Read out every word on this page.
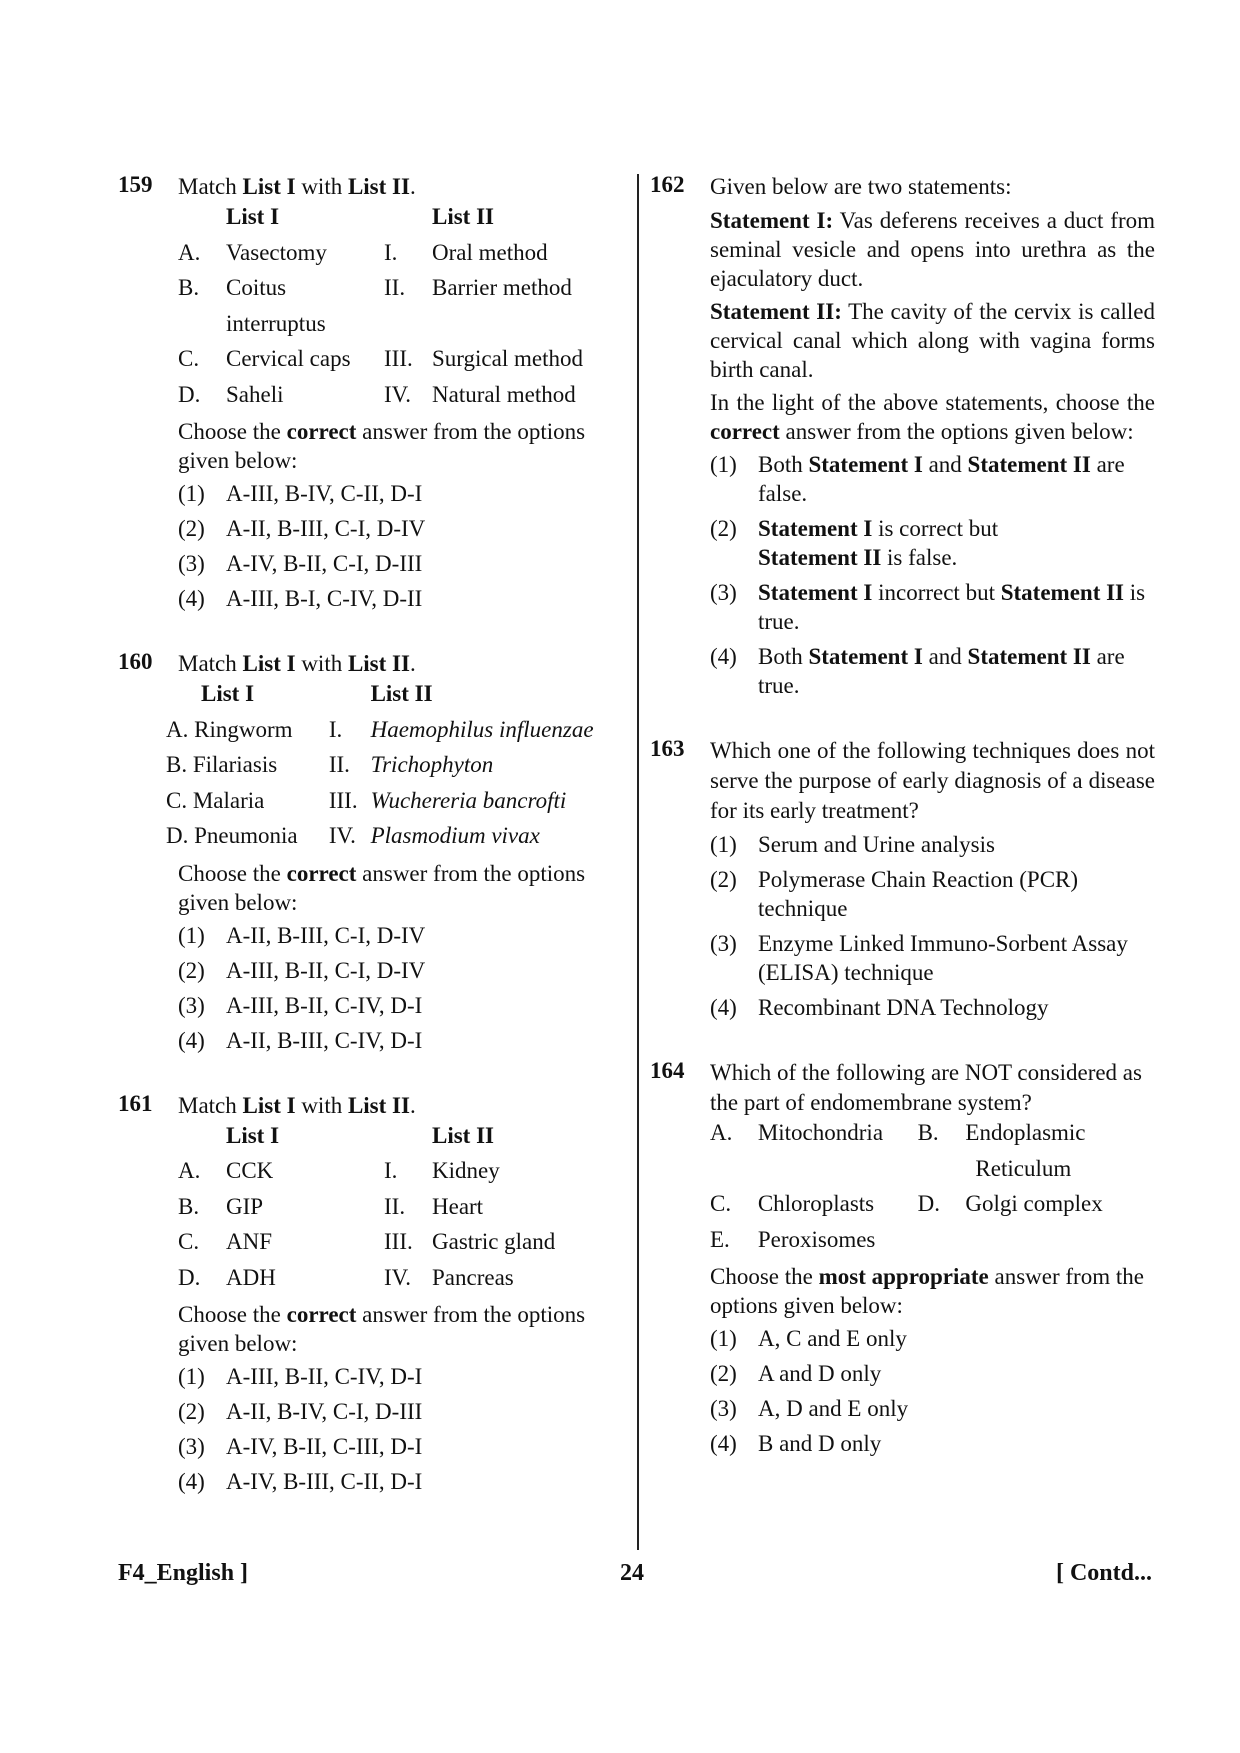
159 Match List I with List II.
	List I		List II
A.	Vasectomy	I.	Oral method
B.	Coitus	II.	Barrier method
	interruptus		
C.	Cervical caps	III.	Surgical method
D.	Saheli	IV.	Natural method
Choose the correct answer from the options given below:
(1) A-III, B-IV, C-II, D-I
(2) A-II, B-III, C-I, D-IV
(3) A-IV, B-II, C-I, D-III
(4) A-III, B-I, C-IV, D-II
160 Match List I with List II.
List I		List II
A. Ringworm	I.	Haemophilus influenzae
B. Filariasis	II.	Trichophyton
C. Malaria	III.	Wuchereria bancrofti
D. Pneumonia	IV.	Plasmodium vivax
Choose the correct answer from the options given below:
(1) A-II, B-III, C-I, D-IV
(2) A-III, B-II, C-I, D-IV
(3) A-III, B-II, C-IV, D-I
(4) A-II, B-III, C-IV, D-I
161 Match List I with List II.
	List I		List II
A.	CCK	I.	Kidney
B.	GIP	II.	Heart
C.	ANF	III.	Gastric gland
D.	ADH	IV.	Pancreas
Choose the correct answer from the options given below:
(1) A-III, B-II, C-IV, D-I
(2) A-II, B-IV, C-I, D-III
(3) A-IV, B-II, C-III, D-I
(4) A-IV, B-III, C-II, D-I
162 Given below are two statements:
Statement I: Vas deferens receives a duct from seminal vesicle and opens into urethra as the ejaculatory duct.
Statement II: The cavity of the cervix is called cervical canal which along with vagina forms birth canal.
In the light of the above statements, choose the correct answer from the options given below:
(1) Both Statement I and Statement II are false.
(2) Statement I is correct but Statement II is false.
(3) Statement I incorrect but Statement II is true.
(4) Both Statement I and Statement II are true.
163 Which one of the following techniques does not serve the purpose of early diagnosis of a disease for its early treatment?
(1) Serum and Urine analysis
(2) Polymerase Chain Reaction (PCR) technique
(3) Enzyme Linked Immuno-Sorbent Assay (ELISA) technique
(4) Recombinant DNA Technology
164 Which of the following are NOT considered as the part of endomembrane system?
A.	Mitochondria	B.	Endoplasmic
			Reticulum
C.	Chloroplasts	D.	Golgi complex
E.	Peroxisomes		
Choose the most appropriate answer from the options given below:
(1) A, C and E only
(2) A and D only
(3) A, D and E only
(4) B and D only
F4_English ]	24	[ Contd...
